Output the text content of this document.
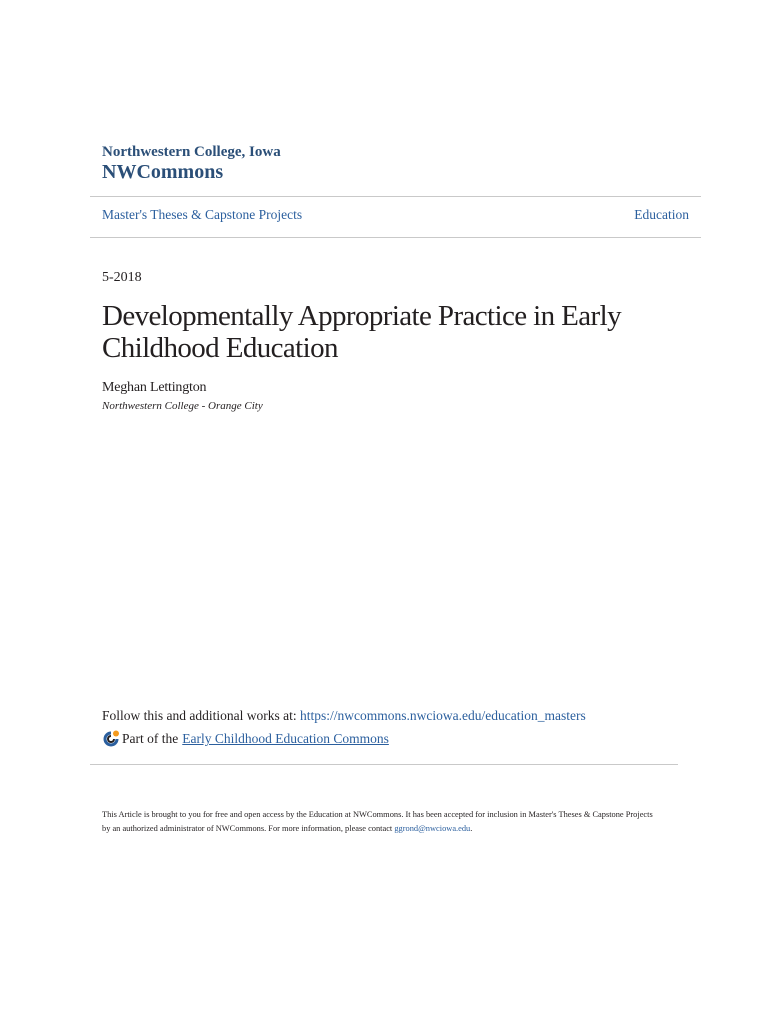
Northwestern College, Iowa
NWCommons
Master's Theses & Capstone Projects	Education
5-2018
Developmentally Appropriate Practice in Early Childhood Education
Meghan Lettington
Northwestern College - Orange City
Follow this and additional works at: https://nwcommons.nwciowa.edu/education_masters
Part of the Early Childhood Education Commons
This Article is brought to you for free and open access by the Education at NWCommons. It has been accepted for inclusion in Master's Theses & Capstone Projects by an authorized administrator of NWCommons. For more information, please contact ggrond@nwciowa.edu.
